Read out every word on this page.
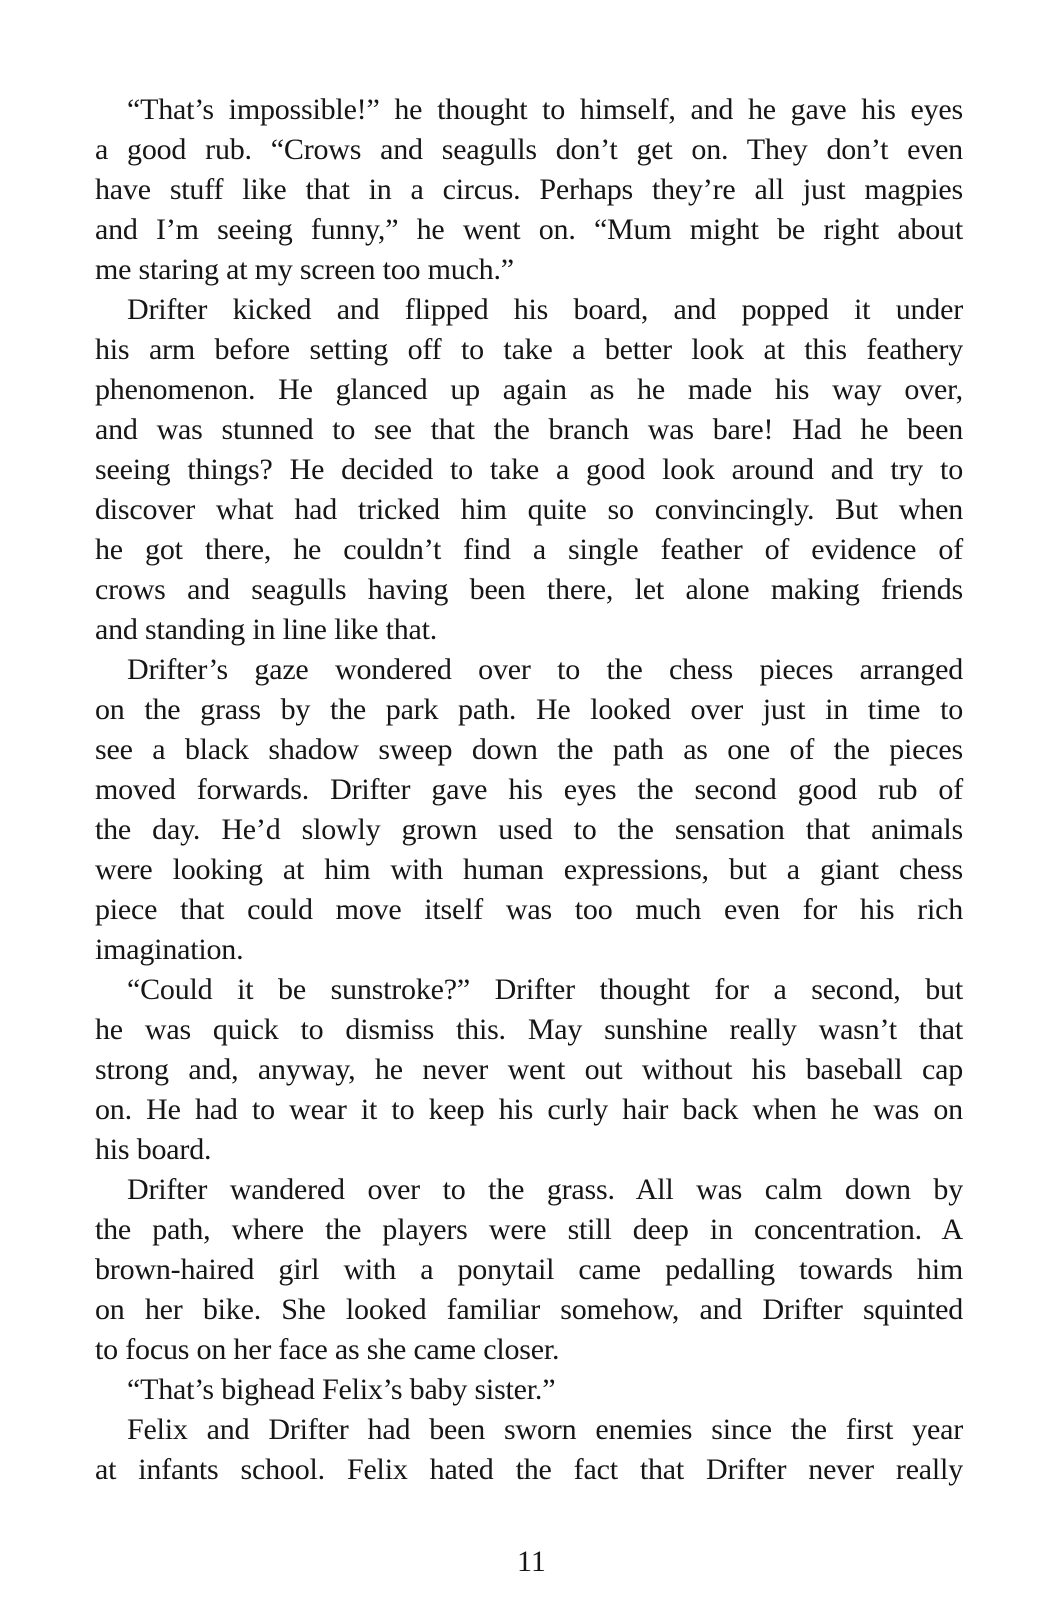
“That’s impossible!” he thought to himself, and he gave his eyes
a good rub. “Crows and seagulls don’t get on. They don’t even
have stuff like that in a circus. Perhaps they’re all just magpies
and I’m seeing funny,” he went on. “Mum might be right about
me staring at my screen too much.”
Drifter kicked and flipped his board, and popped it under
his arm before setting off to take a better look at this feathery
phenomenon. He glanced up again as he made his way over,
and was stunned to see that the branch was bare! Had he been
seeing things? He decided to take a good look around and try to
discover what had tricked him quite so convincingly. But when
he got there, he couldn’t find a single feather of evidence of
crows and seagulls having been there, let alone making friends
and standing in line like that.
Drifter’s gaze wondered over to the chess pieces arranged
on the grass by the park path. He looked over just in time to
see a black shadow sweep down the path as one of the pieces
moved forwards. Drifter gave his eyes the second good rub of
the day. He’d slowly grown used to the sensation that animals
were looking at him with human expressions, but a giant chess
piece that could move itself was too much even for his rich
imagination.
“Could it be sunstroke?” Drifter thought for a second, but
he was quick to dismiss this. May sunshine really wasn’t that
strong and, anyway, he never went out without his baseball cap
on. He had to wear it to keep his curly hair back when he was on
his board.
Drifter wandered over to the grass. All was calm down by
the path, where the players were still deep in concentration. A
brown-haired girl with a ponytail came pedalling towards him
on her bike. She looked familiar somehow, and Drifter squinted
to focus on her face as she came closer.
“That’s bighead Felix’s baby sister.”
Felix and Drifter had been sworn enemies since the first year
at infants school. Felix hated the fact that Drifter never really
11
